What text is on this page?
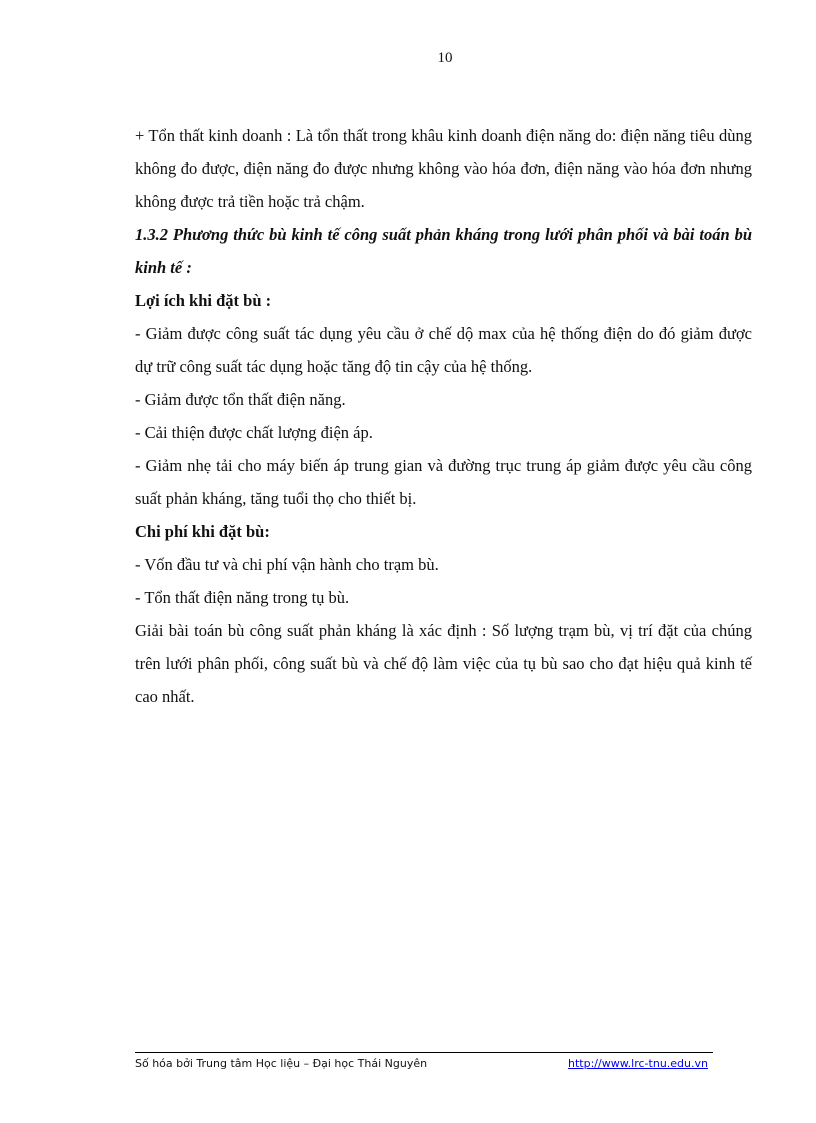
10

+ Tổn thất kinh doanh : Là tổn thất trong khâu kinh doanh điện năng do: điện năng tiêu dùng không đo được, điện năng đo được nhưng không vào hóa đơn, điện năng vào hóa đơn nhưng không được trả tiền hoặc trả chậm.

1.3.2 Phương thức bù kinh tế công suất phản kháng trong lưới phân phối và bài toán bù kinh tế :

Lợi ích khi đặt bù :

- Giảm được công suất tác dụng yêu cầu ở chế dộ max của hệ thống điện do đó giảm được dự trữ công suất tác dụng hoặc tăng độ tin cậy của hệ thống.

- Giảm được tổn thất điện năng.

- Cải thiện được chất lượng điện áp.

- Giảm nhẹ tải cho máy biến áp trung gian và đường trục trung áp giảm được yêu cầu công suất phản kháng, tăng tuổi thọ cho thiết bị.

Chi phí khi đặt bù:

- Vốn đầu tư và chi phí vận hành cho trạm bù.

- Tổn thất điện năng trong tụ bù.

Giải bài toán bù công suất phản kháng là xác định : Số lượng trạm bù, vị trí đặt của chúng trên lưới phân phối, công suất bù và chế độ làm việc của tụ bù sao cho đạt hiệu quả kinh tế cao nhất.

Số hóa bởi Trung tâm Học liệu – Đại học Thái Nguyên	http://www.lrc-tnu.edu.vn
